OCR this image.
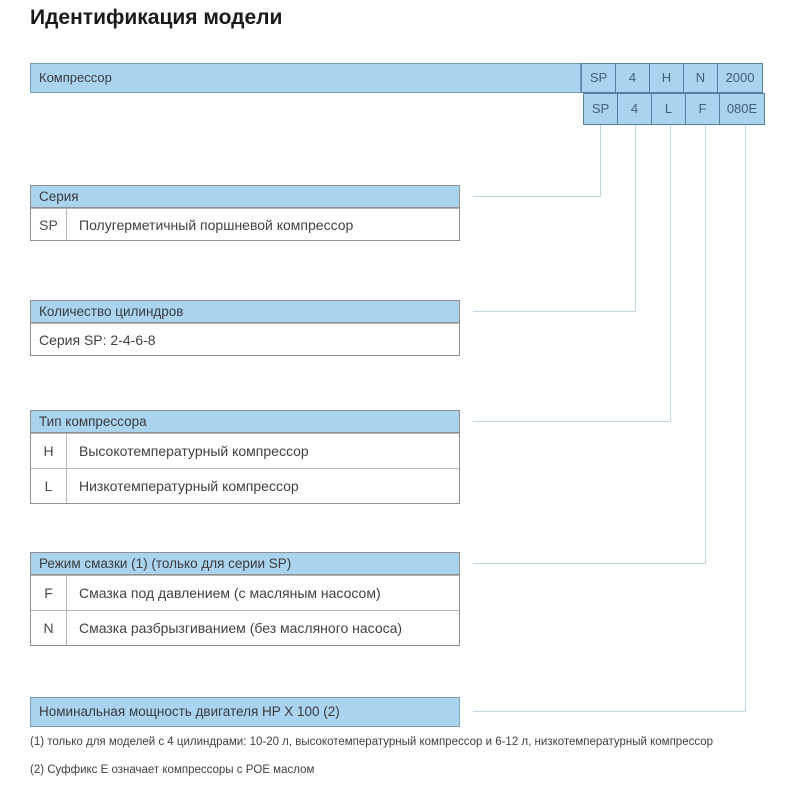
Идентификация модели
Компрессор	SP	4	H	N	2000
SP	4	L	F	080E
Серия
SP	Полугерметичный поршневой компрессор
Количество цилиндров
Серия SP: 2-4-6-8
Тип компрессора
H	Высокотемпературный компрессор
L	Низкотемпературный компрессор
Режим смазки (1) (только для серии SP)
F	Смазка под давлением (с масляным насосом)
N	Смазка разбрызгиванием (без масляного насоса)
Номинальная мощность двигателя HP X 100 (2)

(1) только для моделей с 4 цилиндрами: 10-20 л, высокотемпературный компрессор и 6-12 л, низкотемпературный компрессор

(2) Суффикс Е означает компрессоры с POE маслом
